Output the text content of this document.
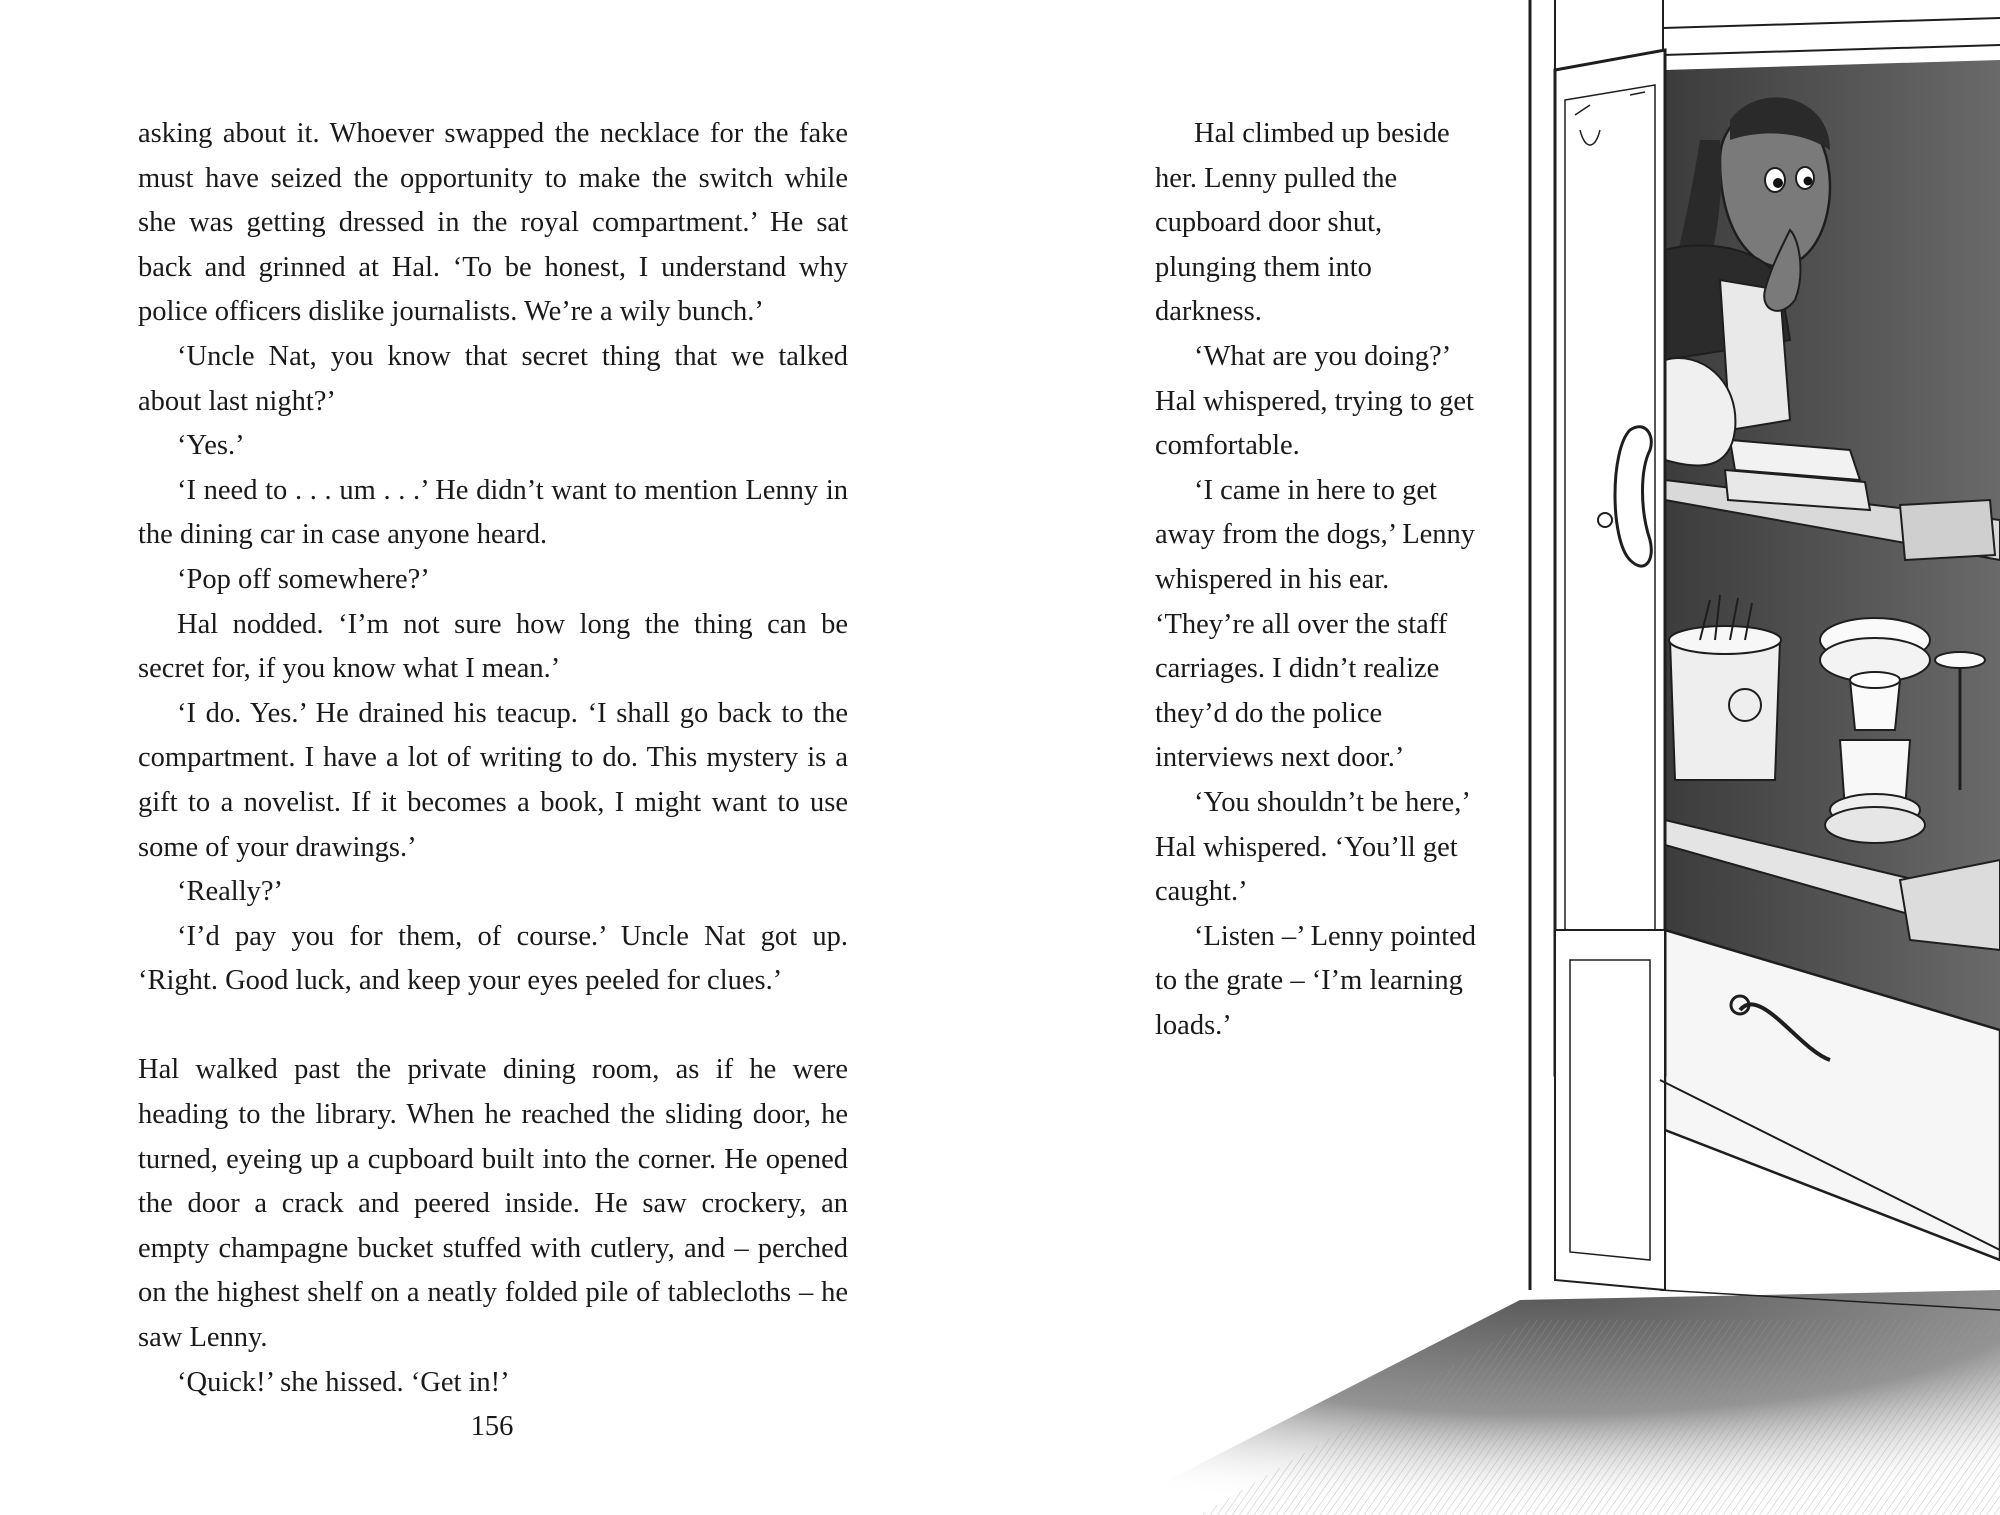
asking about it. Whoever swapped the necklace for the fake must have seized the opportunity to make the switch while she was getting dressed in the royal compartment.’ He sat back and grinned at Hal. ‘To be honest, I understand why police officers dislike journalists. We’re a wily bunch.’

‘Uncle Nat, you know that secret thing that we talked about last night?’

‘Yes.’

‘I need to . . . um . . .’ He didn’t want to mention Lenny in the dining car in case anyone heard.

‘Pop off somewhere?’

Hal nodded. ‘I’m not sure how long the thing can be secret for, if you know what I mean.’

‘I do. Yes.’ He drained his teacup. ‘I shall go back to the compartment. I have a lot of writing to do. This mystery is a gift to a novelist. If it becomes a book, I might want to use some of your drawings.’

‘Really?’

‘I’d pay you for them, of course.’ Uncle Nat got up. ‘Right. Good luck, and keep your eyes peeled for clues.’

Hal walked past the private dining room, as if he were heading to the library. When he reached the sliding door, he turned, eyeing up a cupboard built into the corner. He opened the door a crack and peered inside. He saw crockery, an empty champagne bucket stuffed with cutlery, and – perched on the highest shelf on a neatly folded pile of tablecloths – he saw Lenny.

‘Quick!’ she hissed. ‘Get in!’

156

Hal climbed up beside her. Lenny pulled the cupboard door shut, plunging them into darkness.

‘What are you doing?’ Hal whispered, trying to get comfortable.

‘I came in here to get away from the dogs,’ Lenny whispered in his ear. ‘They’re all over the staff carriages. I didn’t realize they’d do the police interviews next door.’

‘You shouldn’t be here,’ Hal whispered. ‘You’ll get caught.’

‘Listen –’ Lenny pointed to the grate – ‘I’m learning loads.’
